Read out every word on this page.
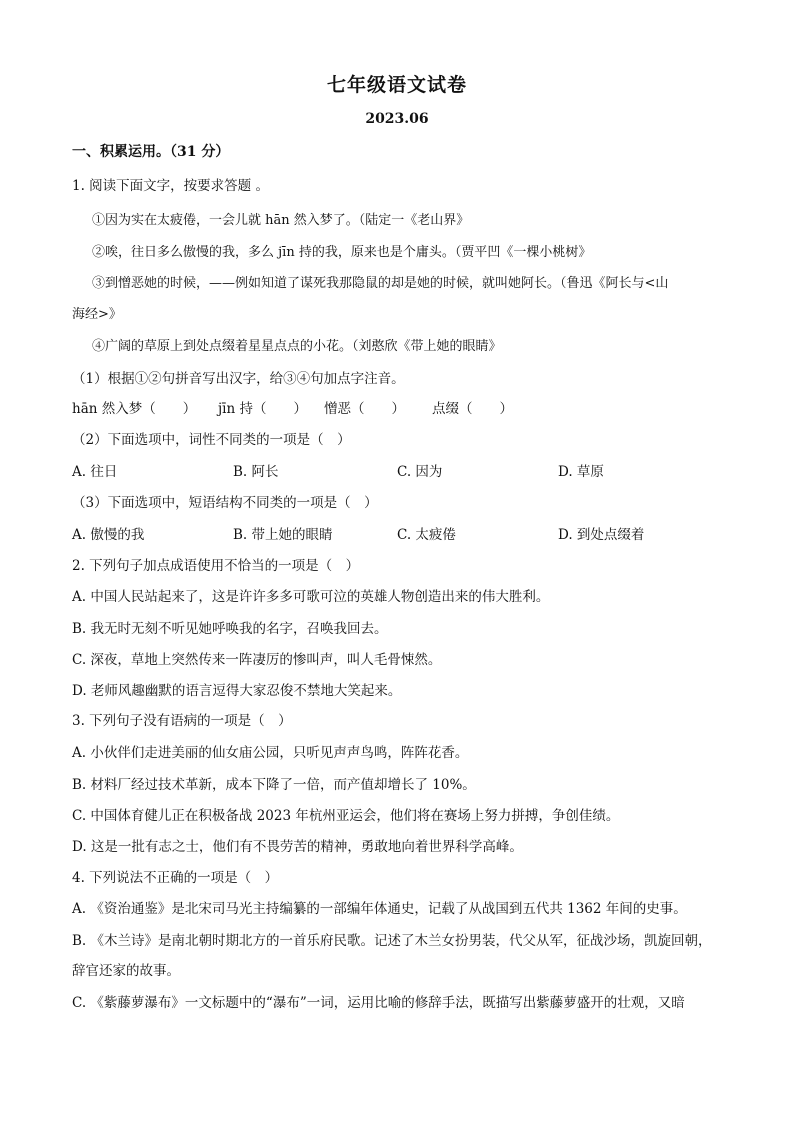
七年级语文试卷
2023.06
一、积累运用。（31 分）
1. 阅读下面文字，按要求答题 。
①因为实在太疲倦，一会儿就 hān 然入梦了。（陆定一《老山界》
②唉，往日多么傲慢的我，多么 jīn 持的我，原来也是个庸头。（贾平凹《一棵小桃树》
③到憎恶她的时候，——例如知道了谋死我那隐鼠的却是她的时候，就叫她阿长。（鲁迅《阿长与<山
海经>》
④广阔的草原上到处点缀着星星点点的小花。（刘憨欣《带上她的眼睛》
（1）根据①②句拼音写出汉字，给③④句加点字注音。
hān 然入梦（　　） jīn 持（　　） 憎恶（　　） 点缀（　　）
（2）下面选项中，词性不同类的一项是（　）
A. 往日	B. 阿长	C. 因为	D. 草原
（3）下面选项中，短语结构不同类的一项是（　）
A. 傲慢的我	B. 带上她的眼睛	C. 太疲倦	D. 到处点缀着
2. 下列句子加点成语使用不恰当的一项是（　）
A. 中国人民站起来了，这是许许多多可歌可泣的英雄人物创造出来的伟大胜利。
B. 我无时无刻不听见她呼唤我的名字，召唤我回去。
C. 深夜，草地上突然传来一阵凄厉的惨叫声，叫人毛骨悚然。
D. 老师风趣幽默的语言逗得大家忍俊不禁地大笑起来。
3. 下列句子没有语病的一项是（　）
A. 小伙伴们走进美丽的仙女庙公园，只听见声声鸟鸣，阵阵花香。
B. 材料厂经过技术革新，成本下降了一倍，而产值却增长了 10%。
C. 中国体育健儿正在积极备战 2023 年杭州亚运会，他们将在赛场上努力拼搏，争创佳绩。
D. 这是一批有志之士，他们有不畏劳苦的精神，勇敢地向着世界科学高峰。
4. 下列说法不正确的一项是（　）
A. 《资治通鉴》是北宋司马光主持编纂的一部编年体通史，记载了从战国到五代共 1362 年间的史事。
B. 《木兰诗》是南北朝时期北方的一首乐府民歌。记述了木兰女扮男装，代父从军，征战沙场，凯旋回朝，
辞官还家的故事。
C. 《紫藤萝瀑布》一文标题中的“瀑布”一词，运用比喻的修辞手法，既描写出紫藤萝盛开的壮观，又暗
